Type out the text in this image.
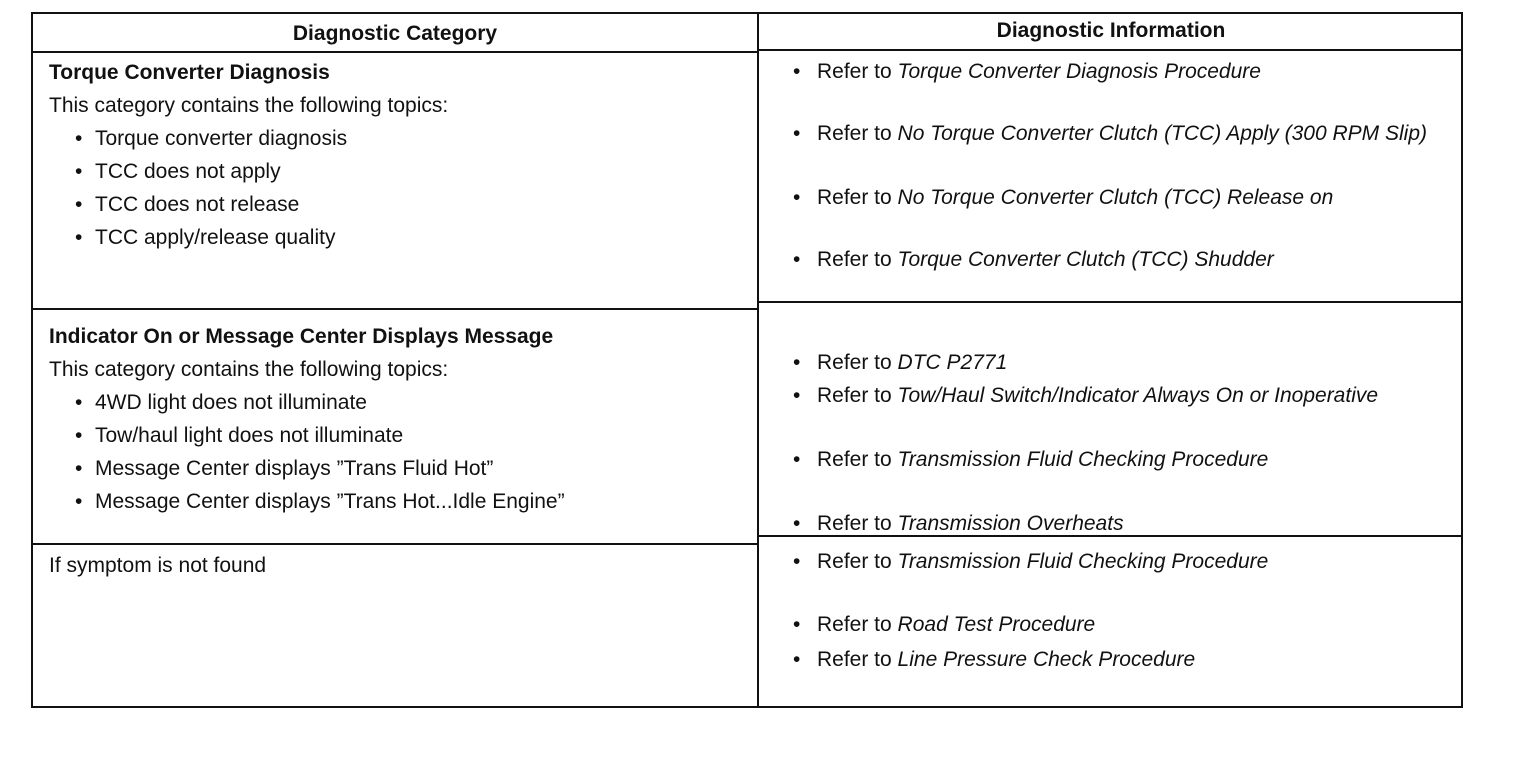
Diagnostic Category	Diagnostic Information
Torque Converter Diagnosis
This category contains the following topics:
• Torque converter diagnosis
• TCC does not apply
• TCC does not release
• TCC apply/release quality
• Refer to Torque Converter Diagnosis Procedure
• Refer to No Torque Converter Clutch (TCC) Apply (300 RPM Slip)
• Refer to No Torque Converter Clutch (TCC) Release on
• Refer to Torque Converter Clutch (TCC) Shudder
Indicator On or Message Center Displays Message
This category contains the following topics:
• 4WD light does not illuminate
• Tow/haul light does not illuminate
• Message Center displays ”Trans Fluid Hot”
• Message Center displays ”Trans Hot...Idle Engine”
• Refer to DTC P2771
• Refer to Tow/Haul Switch/Indicator Always On or Inoperative
• Refer to Transmission Fluid Checking Procedure
• Refer to Transmission Overheats
If symptom is not found	• Refer to Transmission Fluid Checking Procedure
• Refer to Road Test Procedure
• Refer to Line Pressure Check Procedure
